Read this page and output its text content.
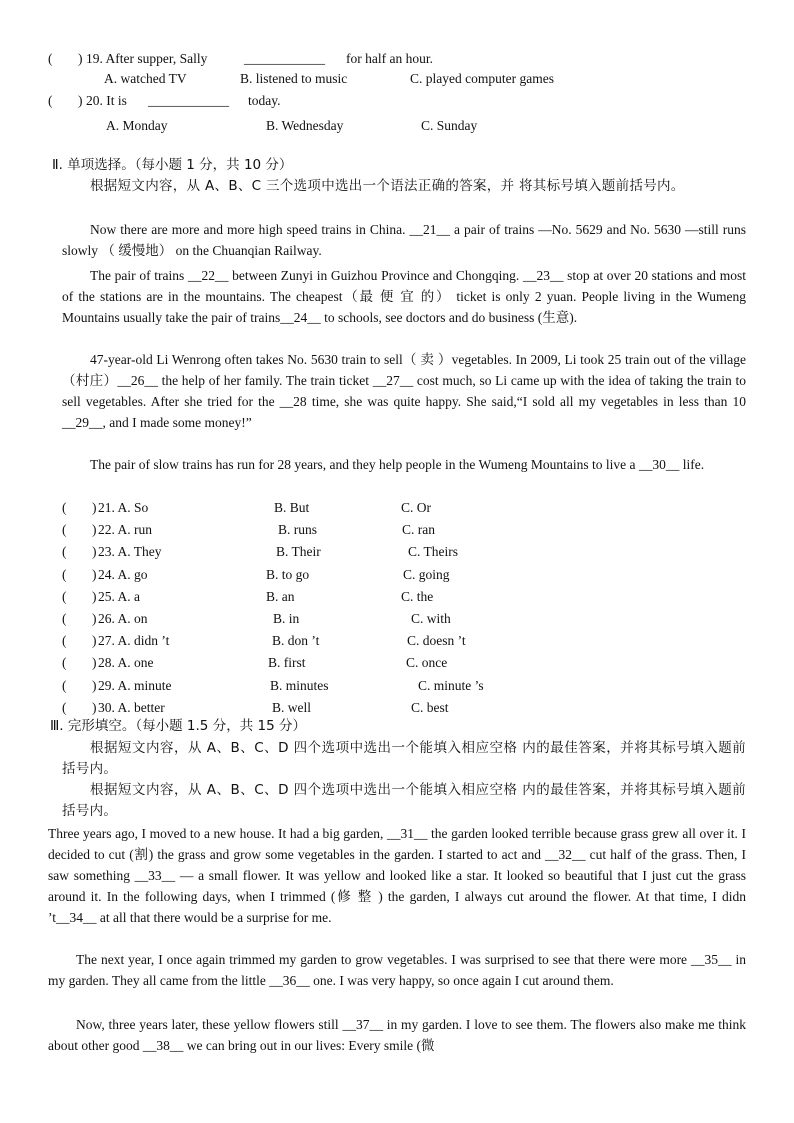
( ) 19. After supper, Sally	____________ for half an hour.
A. watched TV	B. listened to music	C. played computer games
( ) 20. It is ____________ today.
A. Monday	B. Wednesday	C. Sunday
Ⅱ. 单项选择。（每小题 1 分，共 10 分）
根据短文内容，从 A、B、C 三个选项中选出一个语法正确的答案，并 将其标号填入题前括号内。
Now there are more and more high speed trains in China. __21__ a pair of trains —No. 5629 and No. 5630 —still runs slowly （ 缓慢地） on the Chuanqian Railway.
The pair of trains __22__ between Zunyi in Guizhou Province and Chongqing. __23__ stop at over 20 stations and most of the stations are in the mountains. The cheapest（最 便 宜 的） ticket is only 2 yuan. People living in the Wumeng Mountains usually take the pair of trains__24__ to schools, see doctors and do business (生意).
47-year-old Li Wenrong often takes No. 5630 train to sell（ 卖 ）vegetables. In 2009, Li took 25 train out of the village（村庄）__26__ the help of her family. The train ticket __27__ cost much, so Li came up with the idea of taking the train to sell vegetables. After she tried for the __28 time, she was quite happy. She said,“I sold all my vegetables in less than 10 __29__, and I made some money!”
The pair of slow trains has run for 28 years, and they help people in the Wumeng Mountains to live a __30__ life.
( ) 21. A. So	B. But	C. Or
( ) 22. A. run	B. runs	C. ran
( ) 23. A. They	B. Their	C. Theirs
( ) 24. A. go	B. to go	C. going
( ) 25. A. a	B. an	C. the
( ) 26. A. on	B. in	C. with
( ) 27. A. didn ’t	B. don ’t	C. doesn ’t
( ) 28. A. one	B. first	C. once
( ) 29. A. minute	B. minutes	C. minute ’s
( ) 30. A. better	B. well	C. best
Ⅲ. 完形填空。（每小题 1.5 分，共 15 分）
根据短文内容，从 A、B、C、D 四个选项中选出一个能填入相应空格 内的最佳答案，并将其标号填入题前括号内。
根据短文内容，从 A、B、C、D 四个选项中选出一个能填入相应空格 内的最佳答案，并将其标号填入题前括号内。
Three years ago, I moved to a new house. It had a big garden, __31__ the garden looked terrible because grass grew all over it. I decided to cut (割) the grass and grow some vegetables in the garden. I started to act and __32__ cut half of the grass. Then, I saw something __33__ — a small flower. It was yellow and looked like a star. It looked so beautiful that I just cut the grass around it. In the following days, when I trimmed (修 整 ) the garden, I always cut around the flower. At that time, I didn ’t__34__ at all that there would be a surprise for me.
The next year, I once again trimmed my garden to grow vegetables. I was surprised to see that there were more __35__ in my garden. They all came from the little __36__ one. I was very happy, so once again I cut around them.
Now, three years later, these yellow flowers still __37__ in my garden. I love to see them. The flowers also make me think about other good __38__ we can bring out in our lives: Every smile (微
